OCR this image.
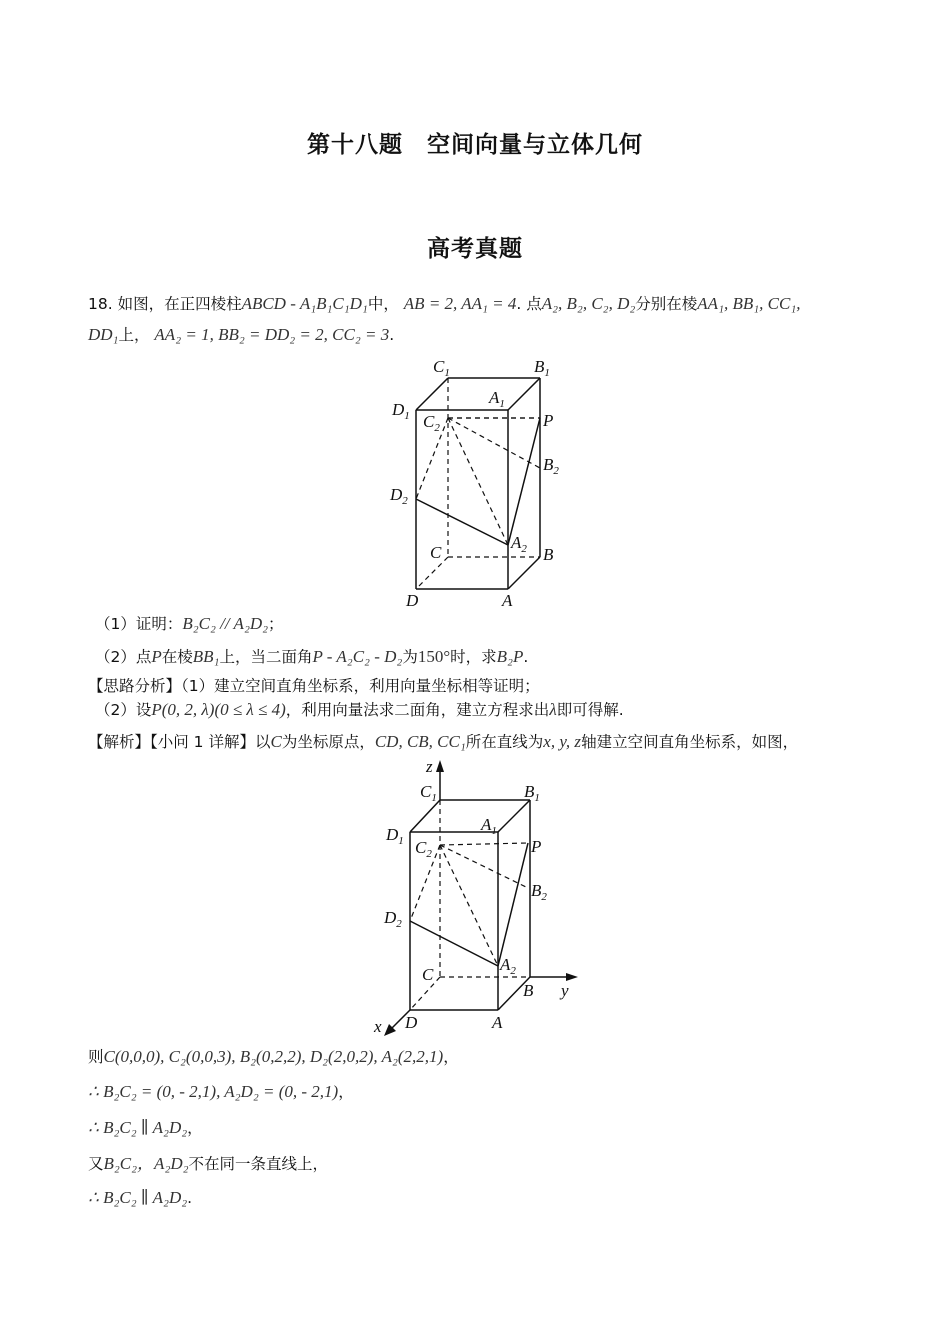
第十八题　空间向量与立体几何
高考真题
18. 如图，在正四棱柱ABCD - A₁B₁C₁D₁中， AB = 2, AA₁ = 4. 点A₂, B₂, C₂, D₂分别在棱AA₁, BB₁, CC₁,
DD₁上， AA₂ = 1, BB₂ = DD₂ = 2, CC₂ = 3.
$C_1$	$B_1$
$A_1$
$D_1$ $C_2$	P
$B_2$
$D_2$
$A_2$
C	B
D	A
（1）证明：B₂C₂ // A₂D₂；
（2）点P在棱BB₁上，当二面角P - A₂C₂ - D₂为150°时，求B₂P.
【思路分析】（1）建立空间直角坐标系，利用向量坐标相等证明；
（2）设P(0, 2, λ)(0 ≤ λ ≤ 4)，利用向量法求二面角，建立方程求出λ即可得解.
【解析】【小问 1 详解】以C为坐标原点，CD, CB, CC₁所在直线为x, y, z轴建立空间直角坐标系，如图，
z
y
x
$C_1$	$B_1$
$A_1$
$D_1$ $C_2$	P
$B_2$
$D_2$
$A_2$
C
B
D	A
则C(0,0,0), C₂(0,0,3), B₂(0,2,2), D₂(2,0,2), A₂(2,2,1)，
∴ B₂C₂ = (0, - 2,1), A₂D₂ = (0, - 2,1)，
∴ B₂C₂ ∥ A₂D₂，
又B₂C₂，A₂D₂不在同一条直线上，
∴ B₂C₂ ∥ A₂D₂.
